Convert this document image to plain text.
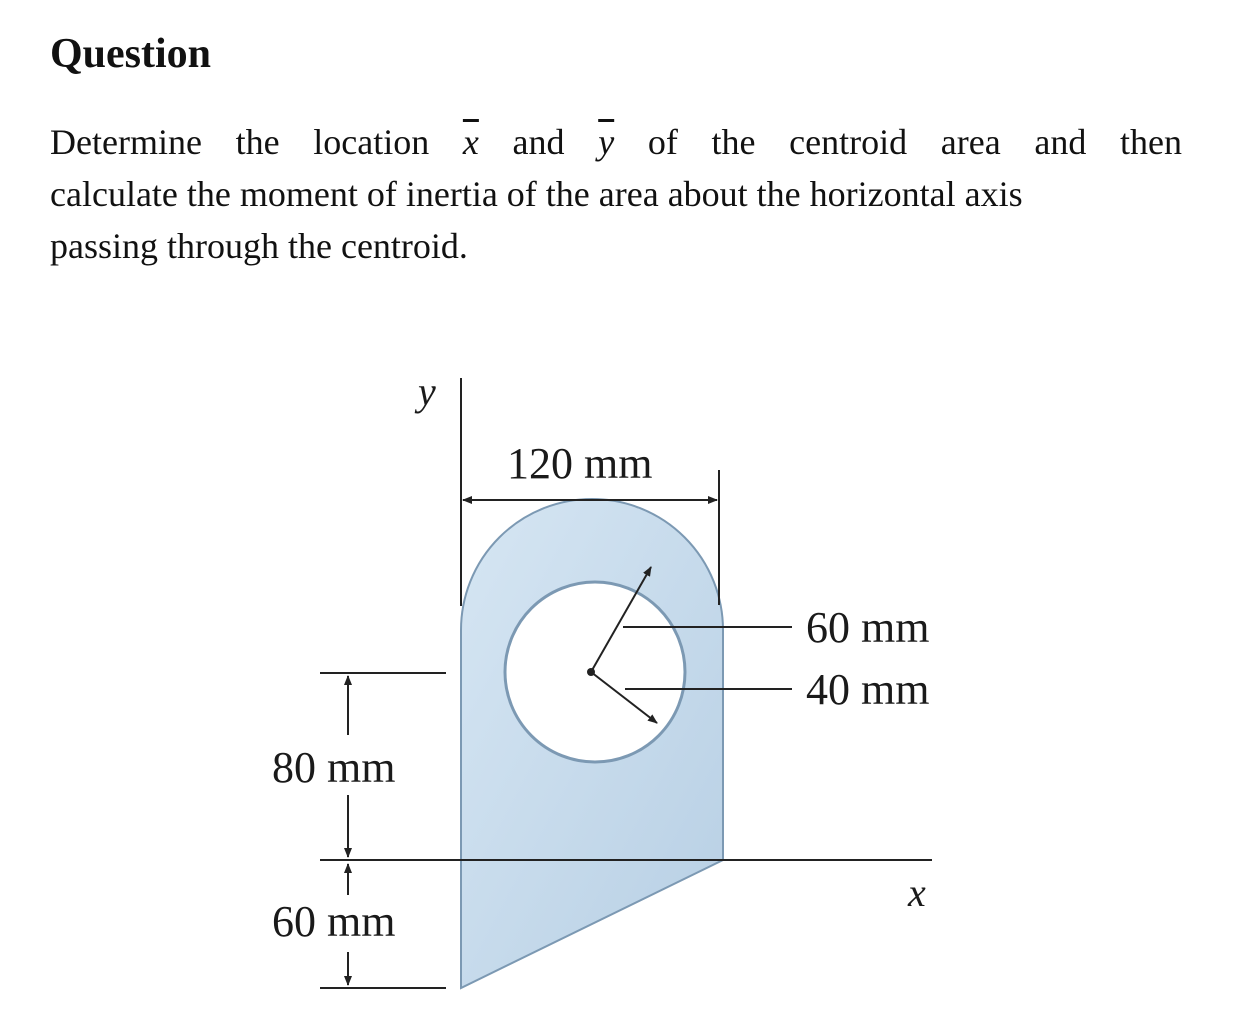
Question
Determine the location $\overline{x}$ and $\overline{y}$ of the centroid area and then
calculate the moment of inertia of the area about the horizontal axis
passing through the centroid.
y
x
120 mm
60 mm
40 mm
80 mm
60 mm
